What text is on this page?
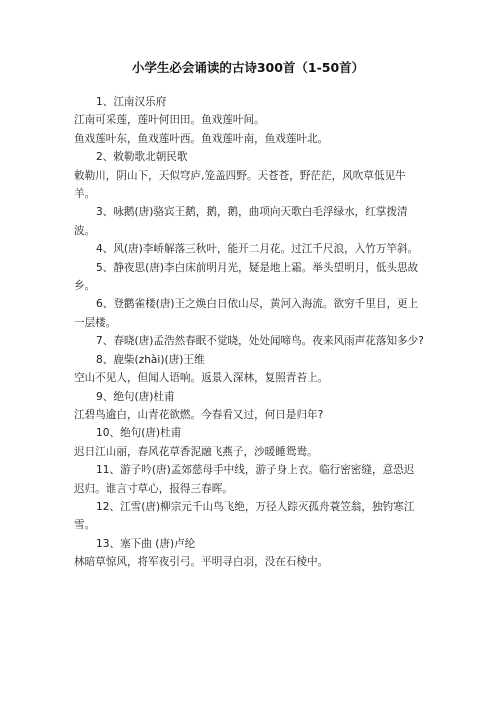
小学生必会诵读的古诗300首（1-50首）

1、江南汉乐府

江南可采莲，莲叶何田田。鱼戏莲叶间。

鱼戏莲叶东，鱼戏莲叶西。鱼戏莲叶南，鱼戏莲叶北。

2、敕勒歌北朝民歌

敕勒川，阴山下，天似穹庐,笼盖四野。天苍苍，野茫茫，风吹草低见牛羊。

3、咏鹅(唐)骆宾王鹅，鹅，鹅，曲项向天歌白毛浮绿水，红掌拨清波。

4、风(唐)李峤解落三秋叶，能开二月花。过江千尺浪，入竹万竿斜。

5、静夜思(唐)李白床前明月光，疑是地上霜。举头望明月，低头思故乡。

6、登鹳雀楼(唐)王之焕白日依山尽，黄河入海流。欲穷千里目，更上一层楼。

7、春晓(唐)孟浩然春眠不觉晓，处处闻啼鸟。夜来风雨声花落知多少?

8、鹿柴(zhài)(唐)王维

空山不见人，但闻人语响。返景入深林，复照青苔上。

9、绝句(唐)杜甫

江碧鸟逾白，山青花欲燃。今春看又过，何日是归年?

10、绝句(唐)杜甫

迟日江山丽，春风花草香泥融飞燕子，沙暖睡鸳鸯。

11、游子吟(唐)孟郊慈母手中线，游子身上衣。临行密密缝，意恐迟迟归。谁言寸草心，报得三春晖。

12、江雪(唐)柳宗元千山鸟飞绝，万径人踪灭孤舟蓑笠翁，独钓寒江雪。

13、塞下曲 (唐)卢纶

林暗草惊风，将军夜引弓。平明寻白羽，没在石棱中。
